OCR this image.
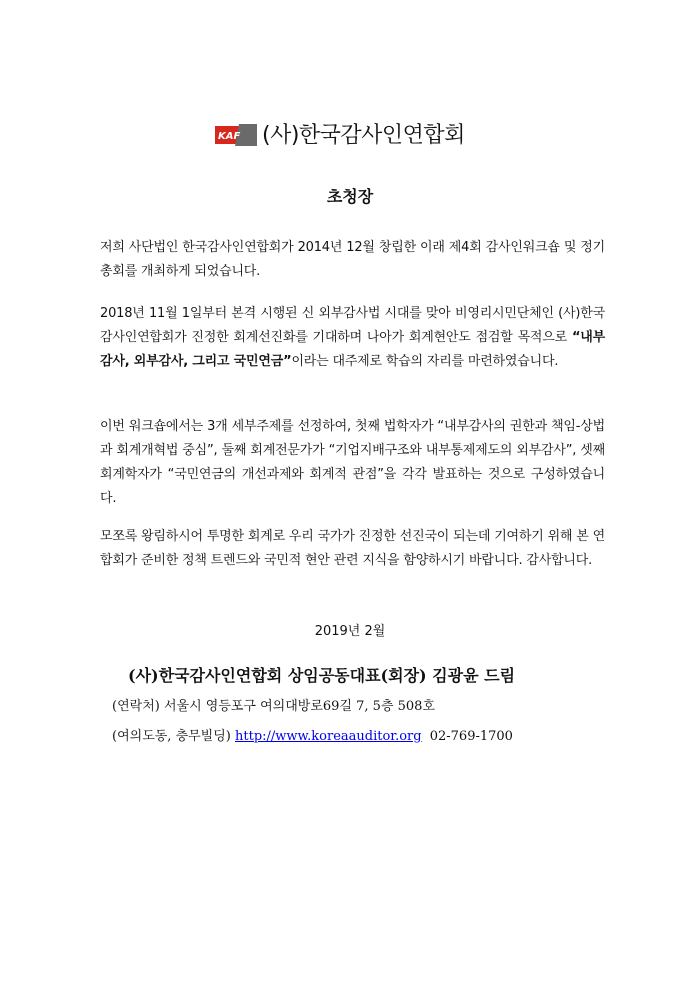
KAF (사)한국감사인연합회
초청장
저희 사단법인 한국감사인연합회가 2014년 12월 창립한 이래 제4회 감사인워크숍 및 정기총회를 개최하게 되었습니다.
2018년 11월 1일부터 본격 시행된 신 외부감사법 시대를 맞아 비영리시민단체인 (사)한국감사인연합회가 진정한 회계선진화를 기대하며 나아가 회계현안도 점검할 목적으로 “내부감사, 외부감사, 그리고 국민연금”이라는 대주제로 학습의 자리를 마련하였습니다.
이번 워크숍에서는 3개 세부주제를 선정하여, 첫째 법학자가 “내부감사의 권한과 책임-상법과 회계개혁법 중심”, 둘째 회계전문가가 “기업지배구조와 내부통제제도의 외부감사”, 셋째 회계학자가 “국민연금의 개선과제와 회계적 관점”을 각각 발표하는 것으로 구성하였습니다.
모쪼록 왕림하시어 투명한 회계로 우리 국가가 진정한 선진국이 되는데 기여하기 위해 본 연합회가 준비한 정책 트렌드와 국민적 현안 관련 지식을 함양하시기 바랍니다. 감사합니다.
2019년 2월
(사)한국감사인연합회 상임공동대표(회장) 김광윤 드림
(연락처) 서울시 영등포구 여의대방로69길 7, 5층 508호
(여의도동, 충무빌딩) http://www.koreaauditor.org 02-769-1700
